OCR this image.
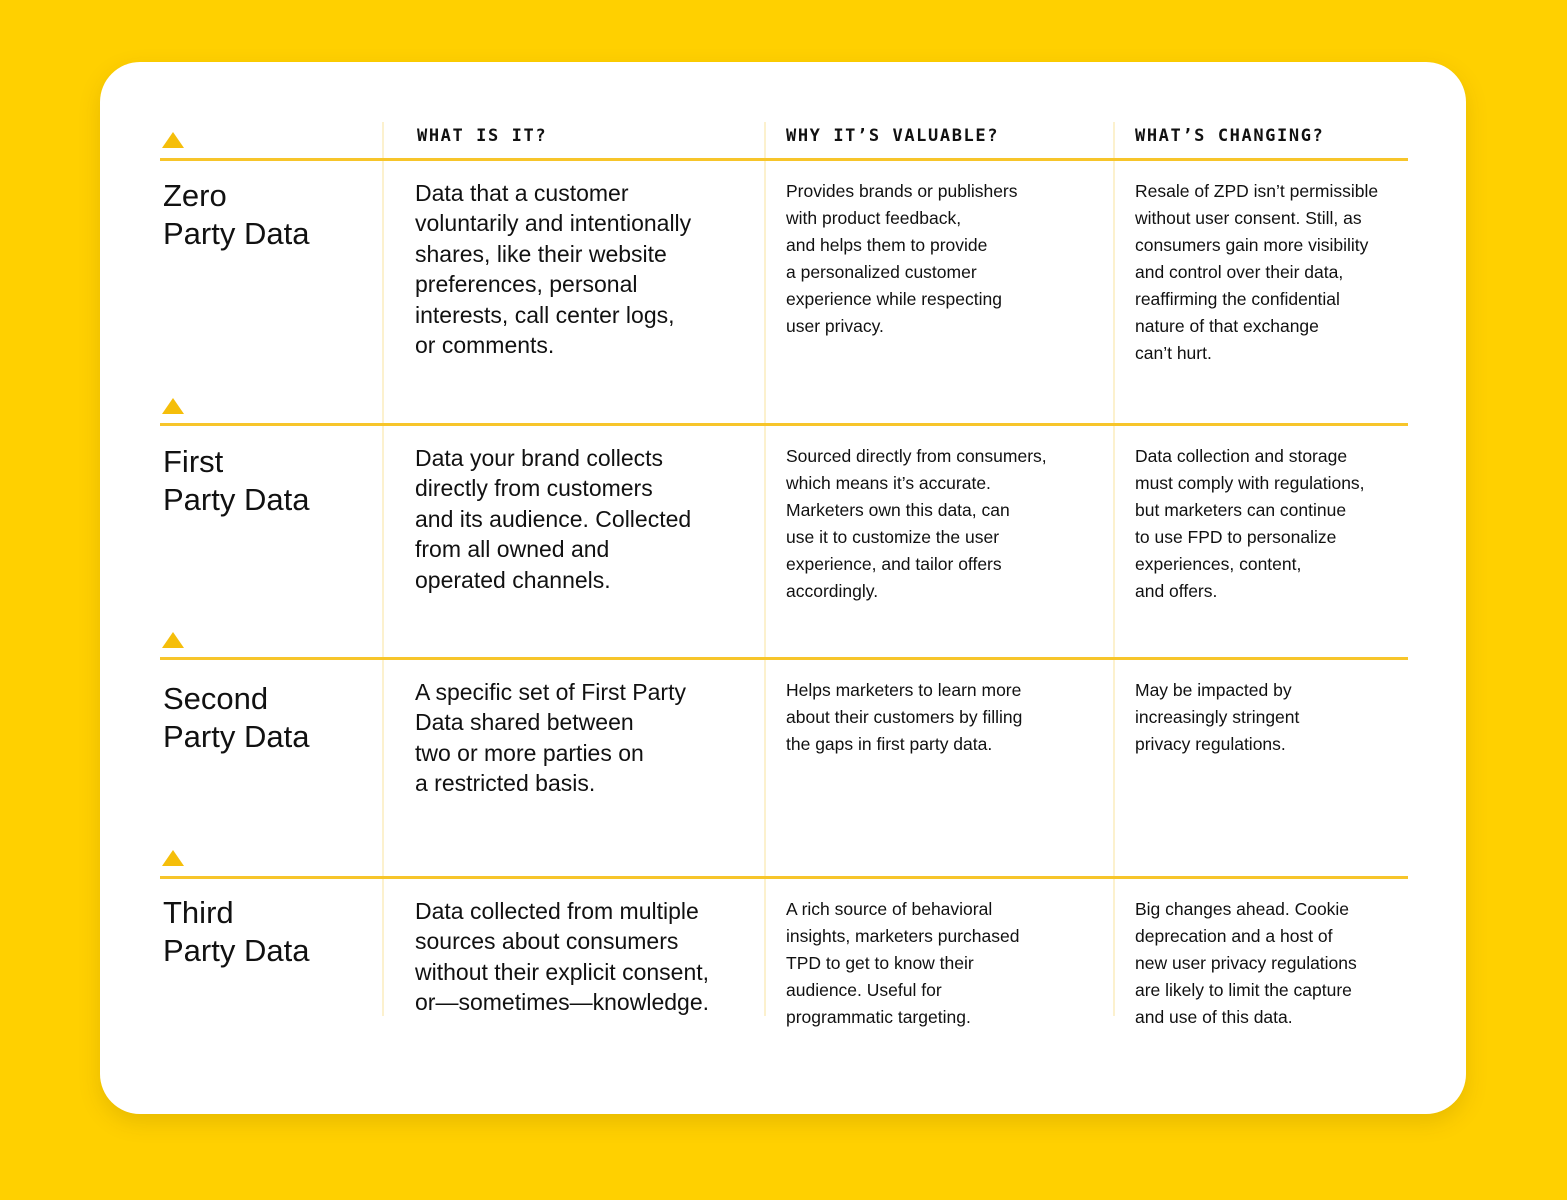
WHAT IS IT?	WHY IT’S VALUABLE?	WHAT’S CHANGING?
Zero
Party Data
Data that a customer
voluntarily and intentionally
shares, like their website
preferences, personal
interests, call center logs,
or comments.
Provides brands or publishers
with product feedback,
and helps them to provide
a personalized customer
experience while respecting
user privacy.
Resale of ZPD isn’t permissible
without user consent. Still, as
consumers gain more visibility
and control over their data,
reaffirming the confidential
nature of that exchange
can’t hurt.
First
Party Data
Data your brand collects
directly from customers
and its audience. Collected
from all owned and
operated channels.
Sourced directly from consumers,
which means it’s accurate.
Marketers own this data, can
use it to customize the user
experience, and tailor offers
accordingly.
Data collection and storage
must comply with regulations,
but marketers can continue
to use FPD to personalize
experiences, content,
and offers.
Second
Party Data
A specific set of First Party
Data shared between
two or more parties on
a restricted basis.
Helps marketers to learn more
about their customers by filling
the gaps in first party data.
May be impacted by
increasingly stringent
privacy regulations.
Third
Party Data
Data collected from multiple
sources about consumers
without their explicit consent,
or—sometimes—knowledge.
A rich source of behavioral
insights, marketers purchased
TPD to get to know their
audience. Useful for
programmatic targeting.
Big changes ahead. Cookie
deprecation and a host of
new user privacy regulations
are likely to limit the capture
and use of this data.
